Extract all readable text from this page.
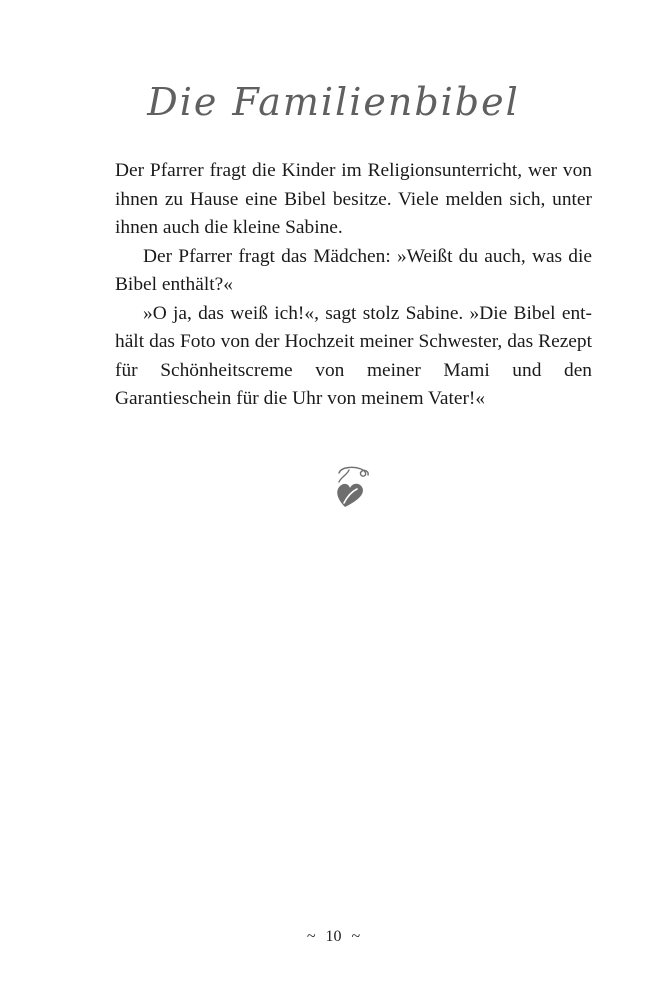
Die Familienbibel

Der Pfarrer fragt die Kinder im Religionsunterricht, wer von ihnen zu Hause eine Bibel besitze. Viele melden sich, unter ihnen auch die kleine Sabine.

Der Pfarrer fragt das Mädchen: »Weißt du auch, was die Bibel enthält?«

»O ja, das weiß ich!«, sagt stolz Sabine. »Die Bibel enthält das Foto von der Hochzeit meiner Schwester, das Rezept für Schönheitscreme von meiner Mami und den Garantieschein für die Uhr von meinem Vater!«

~ 10 ~
